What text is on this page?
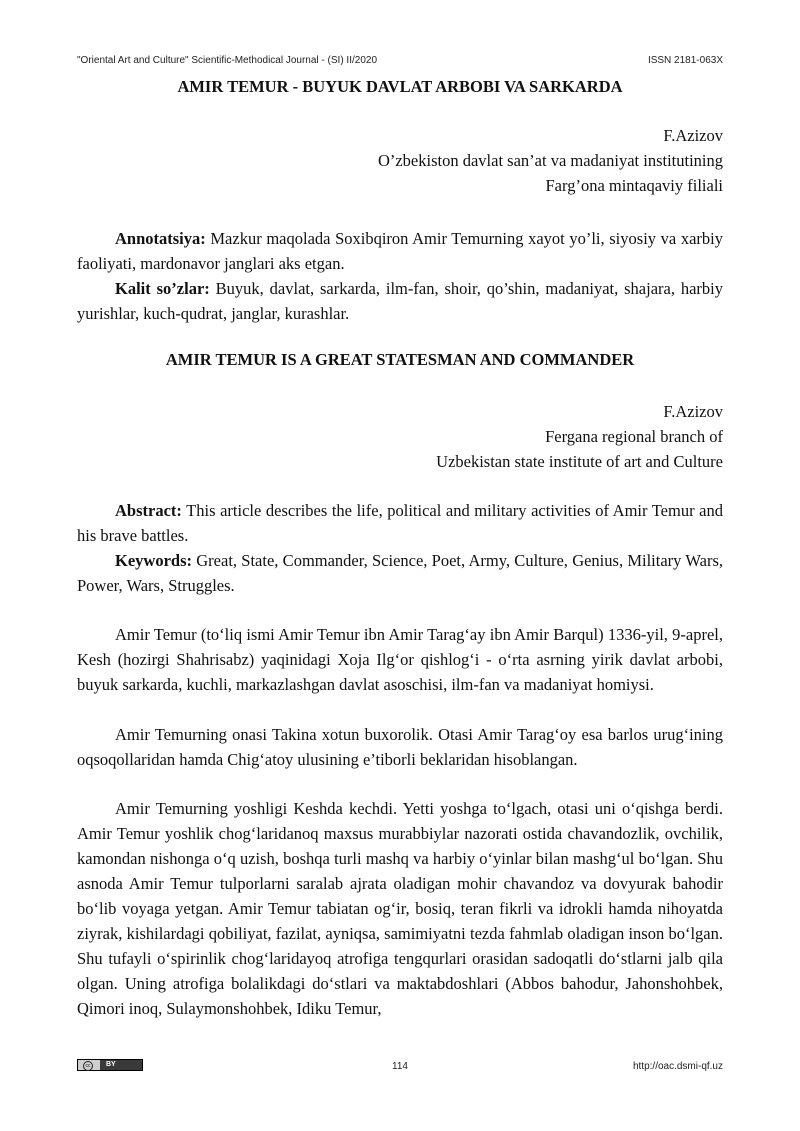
"Oriental Art and Culture" Scientific-Methodical Journal - (SI) II/2020	ISSN 2181-063X
AMIR TEMUR - BUYUK DAVLAT ARBOBI VA SARKARDA
F.Azizov
O’zbekiston davlat san’at va madaniyat institutining
Farg’ona mintaqaviy filiali

Annotatsiya: Mazkur maqolada Soxibqiron Amir Temurning xayot yo’li, siyosiy va xarbiy faoliyati, mardonavor janglari aks etgan.

Kalit so’zlar: Buyuk, davlat, sarkarda, ilm-fan, shoir, qo’shin, madaniyat, shajara, harbiy yurishlar, kuch-qudrat, janglar, kurashlar.

AMIR TEMUR IS A GREAT STATESMAN AND COMMANDER
F.Azizov
Fergana regional branch of
Uzbekistan state institute of art and Culture

Abstract: This article describes the life, political and military activities of Amir Temur and his brave battles.

Keywords: Great, State, Commander, Science, Poet, Army, Culture, Genius, Military Wars, Power, Wars, Struggles.

Amir Temur (to‘liq ismi Amir Temur ibn Amir Tarag‘ay ibn Amir Barqul) 1336-yil, 9-aprel, Kesh (hozirgi Shahrisabz) yaqinidagi Xoja Ilg‘or qishlog‘i - o‘rta asrning yirik davlat arbobi, buyuk sarkarda, kuchli, markazlashgan davlat asoschisi, ilm-fan va madaniyat homiysi.

Amir Temurning onasi Takina xotun buxorolik. Otasi Amir Tarag‘oy esa barlos urug‘ining oqsoqollaridan hamda Chig‘atoy ulusining e’tiborli beklaridan hisoblangan.

Amir Temurning yoshligi Keshda kechdi. Yetti yoshga to‘lgach, otasi uni o‘qishga berdi. Amir Temur yoshlik chog‘laridanoq maxsus murabbiylar nazorati ostida chavandozlik, ovchilik, kamondan nishonga o‘q uzish, boshqa turli mashq va harbiy o‘yinlar bilan mashg‘ul bo‘lgan. Shu asnoda Amir Temur tulporlarni saralab ajrata oladigan mohir chavandoz va dovyurak bahodir bo‘lib voyaga yetgan. Amir Temur tabiatan og‘ir, bosiq, teran fikrli va idrokli hamda nihoyatda ziyrak, kishilardagi qobiliyat, fazilat, ayniqsa, samimiyatni tezda fahmlab oladigan inson bo‘lgan. Shu tufayli o‘spirinlik chog‘laridayoq atrofiga tengqurlari orasidan sadoqatli do‘stlarni jalb qila olgan. Uning atrofiga bolalikdagi do‘stlari va maktabdoshlari (Abbos bahodur, Jahonshohbek, Qimori inoq, Sulaymonshohbek, Idiku Temur,

cc	BY	114	http://oac.dsmi-qf.uz
